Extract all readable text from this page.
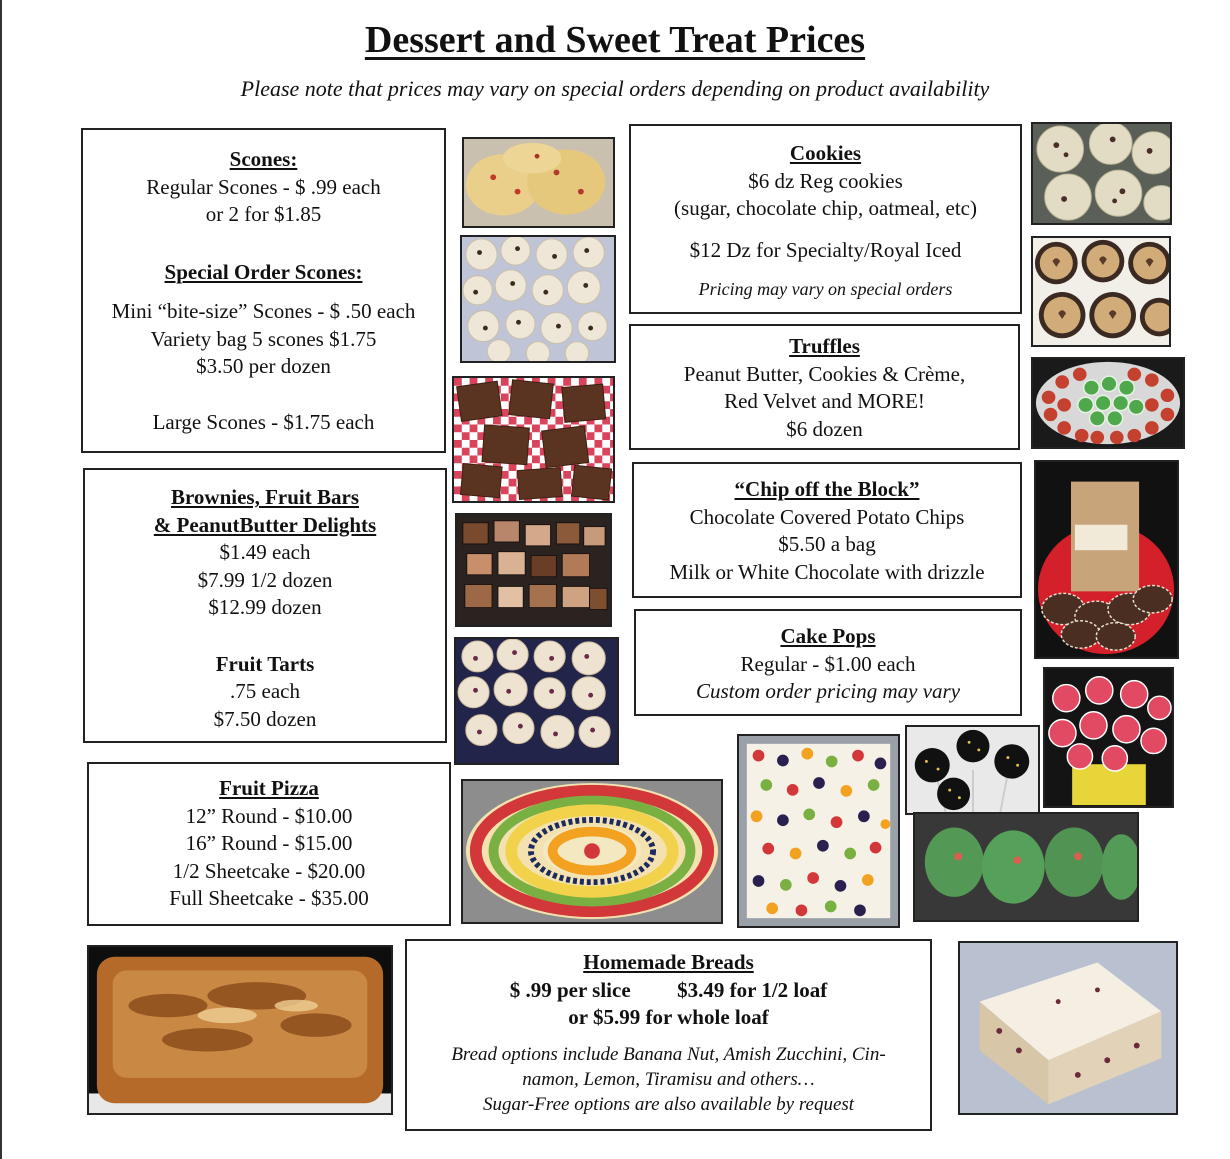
Dessert and Sweet Treat Prices
Please note that prices may vary on special orders depending on product availability

Scones:

Regular Scones - $ .99 each

or 2 for $1.85

Special Order Scones:

Mini “bite-size” Scones - $ .50 each

Variety bag 5 scones $1.75

$3.50 per dozen

Large Scones - $1.75 each

Brownies, Fruit Bars

& PeanutButter Delights

$1.49 each

$7.99 1/2 dozen

$12.99 dozen

Fruit Tarts

.75 each

$7.50 dozen

Fruit Pizza

12” Round - $10.00

16” Round - $15.00

1/2 Sheetcake - $20.00

Full Sheetcake - $35.00

Cookies

$6 dz Reg cookies

(sugar, chocolate chip, oatmeal, etc)

$12 Dz for Specialty/Royal Iced

Pricing may vary on special orders

Truffles

Peanut Butter, Cookies & Crème,

Red Velvet and MORE!

$6 dozen

“Chip off the Block”

Chocolate Covered Potato Chips

$5.50 a bag

Milk or White Chocolate with drizzle

Cake Pops

Regular - $1.00 each

Custom order pricing may vary

Homemade Breads

$ .99 per slice $3.49 for 1/2 loaf

or $5.99 for whole loaf

Bread options include Banana Nut, Amish Zucchini, Cin-

namon, Lemon, Tiramisu and others…

Sugar-Free options are also available by request
